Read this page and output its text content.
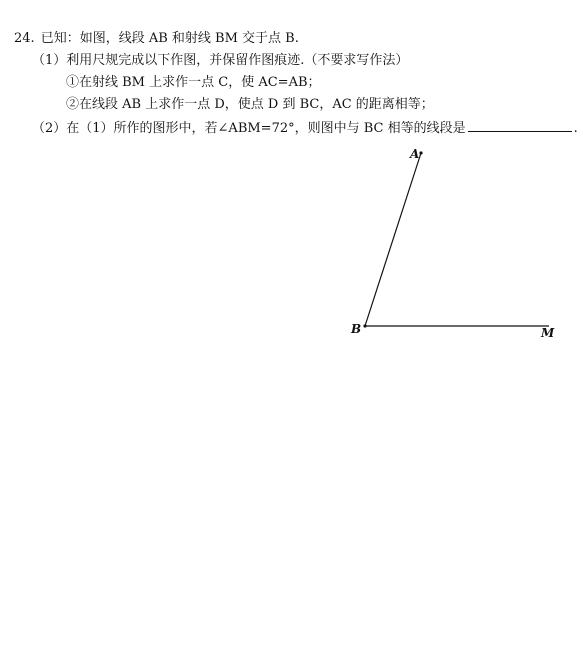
24. 已知：如图，线段 AB 和射线 BM 交于点 B.
（1）利用尺规完成以下作图，并保留作图痕迹.（不要求写作法）
①在射线 BM 上求作一点 C，使 AC=AB；
②在线段 AB 上求作一点 D，使点 D 到 BC，AC 的距离相等；
（2）在（1）所作的图形中，若∠ABM=72°，则图中与 BC 相等的线段是	.
A
B	M
